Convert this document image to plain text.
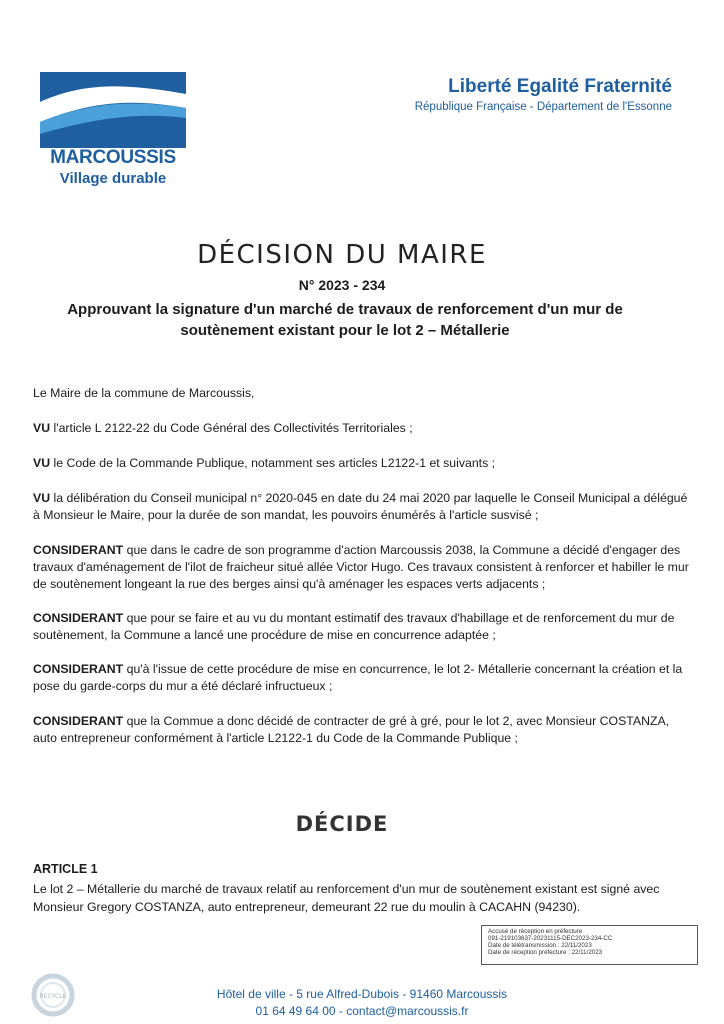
MARCOUSSIS
Village durable
Liberté Egalité Fraternité
République Française - Département de l'Essonne
DÉCISION DU MAIRE
N° 2023 - 234
Approuvant la signature d'un marché de travaux de renforcement d'un mur de
soutènement existant pour le lot 2 – Métallerie
Le Maire de la commune de Marcoussis,
VU l'article L 2122-22 du Code Général des Collectivités Territoriales ;
VU le Code de la Commande Publique, notamment ses articles L2122-1 et suivants ;
VU la délibération du Conseil municipal n° 2020-045 en date du 24 mai 2020 par laquelle le Conseil Municipal a délégué à Monsieur le Maire, pour la durée de son mandat, les pouvoirs énumérés à l'article susvisé ;
CONSIDERANT que dans le cadre de son programme d'action Marcoussis 2038, la Commune a décidé d'engager des travaux d'aménagement de l'ilot de fraicheur situé allée Victor Hugo. Ces travaux consistent à renforcer et habiller le mur de soutènement longeant la rue des berges ainsi qu'à aménager les espaces verts adjacents ;
CONSIDERANT que pour se faire et au vu du montant estimatif des travaux d'habillage et de renforcement du mur de soutènement, la Commune a lancé une procédure de mise en concurrence adaptée ;
CONSIDERANT qu'à l'issue de cette procédure de mise en concurrence, le lot 2- Métallerie concernant la création et la pose du garde-corps du mur a été déclaré infructueux ;
CONSIDERANT que la Commue a donc décidé de contracter de gré à gré, pour le lot 2, avec Monsieur COSTANZA, auto entrepreneur conformément à l'article L2122-1 du Code de la Commande Publique ;
DÉCIDE
ARTICLE 1
Le lot 2 – Métallerie du marché de travaux relatif au renforcement d'un mur de soutènement existant est signé avec Monsieur Gregory COSTANZA, auto entrepreneur, demeurant 22 rue du moulin à CACAHN (94230).
Accusé de réception en préfecture
091-219103637-20231115-DEC2023-234-CC
Date de télétransmission : 22/11/2023
Date de réception préfecture : 22/11/2023
RECYCLE	Hôtel de ville - 5 rue Alfred-Dubois - 91460 Marcoussis
01 64 49 64 00 - contact@marcoussis.fr
